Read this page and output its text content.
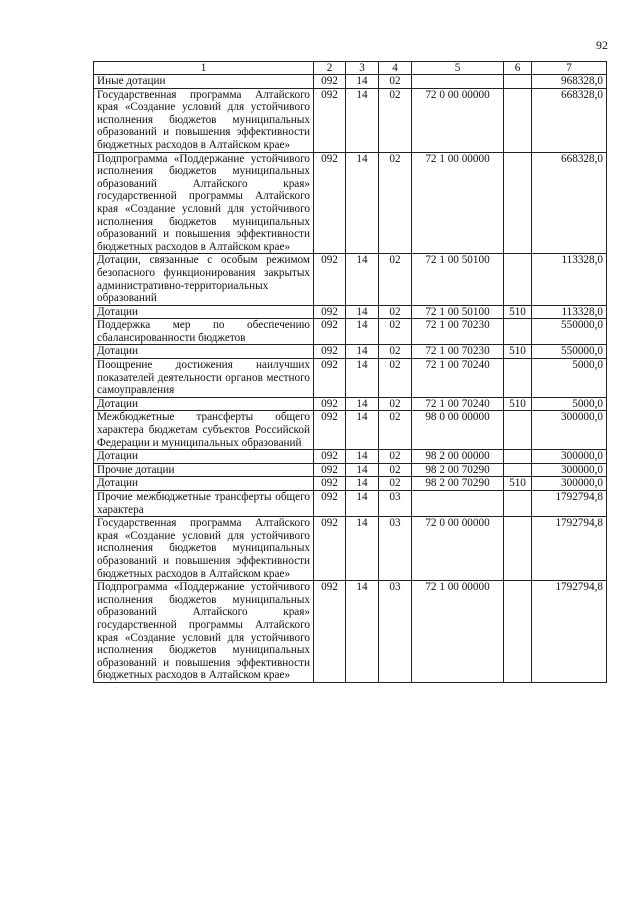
92
1	2	3	4	5	6	7
Иные дотации	092	14	02			968328,0
Государственная программа Алтайского края «Создание условий для устойчивого исполнения бюджетов муниципальных образований и повышения эффективности бюджетных расходов в Алтайском крае»	092	14	02	72 0 00 00000		668328,0
Подпрограмма «Поддержание устойчивого исполнения бюджетов муниципальных образований Алтайского края» государственной программы Алтайского края «Создание условий для устойчивого исполнения бюджетов муниципальных образований и повышения эффективности бюджетных расходов в Алтайском крае»	092	14	02	72 1 00 00000		668328,0
Дотации, связанные с особым режимом безопасного функционирования закрытых административно-территориальных образований	092	14	02	72 1 00 50100		113328,0
Дотации	092	14	02	72 1 00 50100	510	113328,0
Поддержка мер по обеспечению сбалансированности бюджетов	092	14	02	72 1 00 70230		550000,0
Дотации	092	14	02	72 1 00 70230	510	550000,0
Поощрение достижения наилучших показателей деятельности органов местного самоуправления	092	14	02	72 1 00 70240		5000,0
Дотации	092	14	02	72 1 00 70240	510	5000,0
Межбюджетные трансферты общего характера бюджетам субъектов Российской Федерации и муниципальных образований	092	14	02	98 0 00 00000		300000,0
Дотации	092	14	02	98 2 00 00000		300000,0
Прочие дотации	092	14	02	98 2 00 70290		300000,0
Дотации	092	14	02	98 2 00 70290	510	300000,0
Прочие межбюджетные трансферты общего характера	092	14	03			1792794,8
Государственная программа Алтайского края «Создание условий для устойчивого исполнения бюджетов муниципальных образований и повышения эффективности бюджетных расходов в Алтайском крае»	092	14	03	72 0 00 00000		1792794,8
Подпрограмма «Поддержание устойчивого исполнения бюджетов муниципальных образований Алтайского края» государственной программы Алтайского края «Создание условий для устойчивого исполнения бюджетов муниципальных образований и повышения эффективности бюджетных расходов в Алтайском крае»	092	14	03	72 1 00 00000		1792794,8
